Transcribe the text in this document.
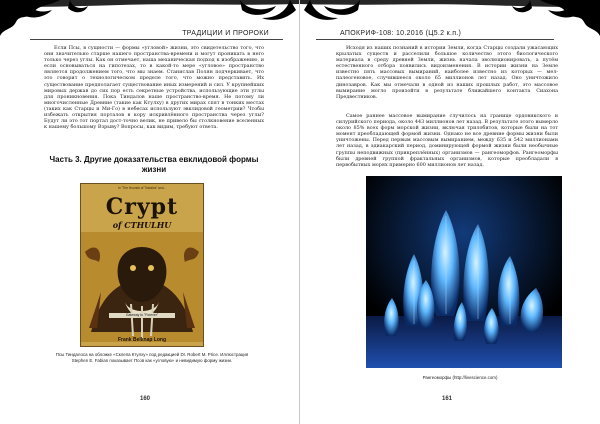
ТРАДИЦИИ И ПРОРОКИ

Если Псы, в сущности — формы «угловой» жизни, это свидетельство того, что они значительно старше нашего пространства-времени и могут проникать в него только через углы. Как он отмечает, наша механическая подход к изображению, и если основываться на гипотезах, то в какой-то мере «угловое» пространство является продолжением того, что мы знаем. Станислав Полян подчеркивает, что это говорит о технологическом пределе того, что можно представить. Их существование предполагает существование иных измерений и сил. У крупнейших мировых держав до сих пор есть секретные устройства, использующие эти углы для проникновения. Пока Тиндалов наше пространство-время. Не потому ли многочисленные Древние (такие как Ктулху) в других мирах спят в тонких местах (таких как Старцы и Ми-Го) в небесах используют эвклидовой геометрии? Чтобы избежать открытия порталов в кору искривлённого пространства через углы? Будут ли это тот портал дост-точно велик, не привело бы столкновение вселенных к нашему большому Взрыву? Вопросы, как видим, требуют ответа.

Часть 3. Другие доказательства евклидовой формы жизни
In "The Hounds of Tindalos" and...
Crypt
of CTHULHU
Gateway to "Forever"
Frank Belknap Long
Псы Тиндалоса на обложке «Склепа Ктулху» под редакцией Dr. Robert M. Price. Иллюстрация Stephen E. Fabian показывает Псов как «угловую» и невидимую форму жизни.
160
АПОКРИФ-108: 10.2016 (Ц5.2 к.п.)

Исходя из наших познаний в истории Земли, когда Старцы создали ужасающих крылатых существ и расселили большое количество этого биологического материала в среду древней Земли, жизнь начала эволюционировать, а путём естественного отбора появились видоизменения. В истории жизни на Земле известно пять массовых вымираний, наиболее известно из которых — мел-палеогеновое, случившееся около 65 миллионов лет назад. Оно уничтожило динозавров. Как мы отмечали в одной из наших прошлых работ, это массовое вымирание могло произойти в результате ближайшего контакта Сиахона Предвестников.

Самое раннее массовое вымирание случилось на границе ордовикского и силурийского периода, около 443 миллионов лет назад. В результате этого вымерло около 85% всех форм морской жизни, включая трилобитов, которые были на тот момент преобладающей формой жизни. Однако не все древние формы жизни были уничтожены. Перед первым массовым вымиранием, между 635 и 542 миллионами лет назад, в эдиакарский период, доминирующей формой жизни были необычные группы неподвижных (прикреплённых) организмов — рангеоморфов. Рангеоморфы были древней группой фрактальных организмов, которые преобладали в первобытных морях примерно 600 миллионов лет назад.

Рангеоморфы (http://livescience.com)
161
